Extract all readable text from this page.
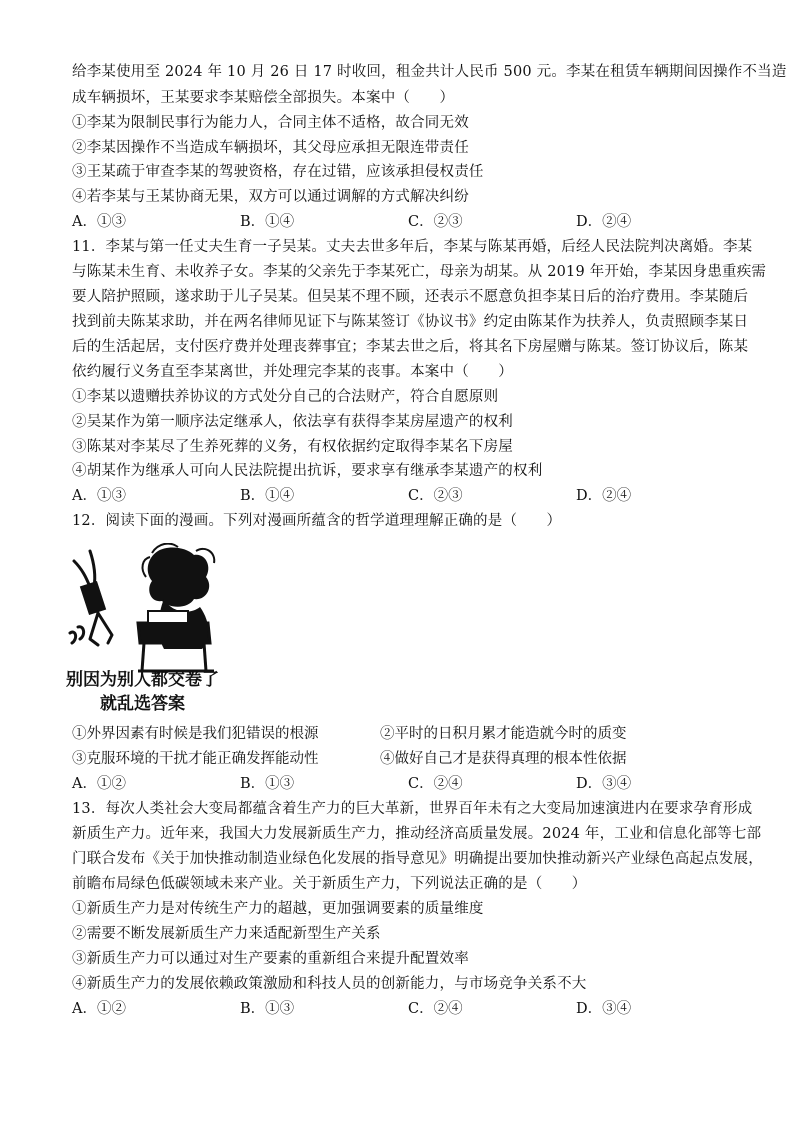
给李某使用至 2024 年 10 月 26 日 17 时收回，租金共计人民币 500 元。李某在租赁车辆期间因操作不当造
成车辆损坏，王某要求李某赔偿全部损失。本案中（　　）
①李某为限制民事行为能力人，合同主体不适格，故合同无效
②李某因操作不当造成车辆损坏，其父母应承担无限连带责任
③王某疏于审查李某的驾驶资格，存在过错，应该承担侵权责任
④若李某与王某协商无果，双方可以通过调解的方式解决纠纷
A．①③	B．①④	C．②③	D．②④
11．李某与第一任丈夫生育一子吴某。丈夫去世多年后，李某与陈某再婚，后经人民法院判决离婚。李某
与陈某未生育、未收养子女。李某的父亲先于李某死亡，母亲为胡某。从 2019 年开始，李某因身患重疾需
要人陪护照顾，遂求助于儿子吴某。但吴某不理不顾，还表示不愿意负担李某日后的治疗费用。李某随后
找到前夫陈某求助，并在两名律师见证下与陈某签订《协议书》约定由陈某作为扶养人，负责照顾李某日
后的生活起居，支付医疗费并处理丧葬事宜；李某去世之后，将其名下房屋赠与陈某。签订协议后，陈某
依约履行义务直至李某离世，并处理完李某的丧事。本案中（　　）
①李某以遗赠扶养协议的方式处分自己的合法财产，符合自愿原则
②吴某作为第一顺序法定继承人，依法享有获得李某房屋遗产的权利
③陈某对李某尽了生养死葬的义务，有权依据约定取得李某名下房屋
④胡某作为继承人可向人民法院提出抗诉，要求享有继承李某遗产的权利
A．①③	B．①④	C．②③	D．②④
12．阅读下面的漫画。下列对漫画所蕴含的哲学道理理解正确的是（　　）
别因为别人都交卷了
就乱选答案
①外界因素有时候是我们犯错误的根源	②平时的日积月累才能造就今时的质变
③克服环境的干扰才能正确发挥能动性	④做好自己才是获得真理的根本性依据
A．①②	B．①③	C．②④	D．③④
13．每次人类社会大变局都蕴含着生产力的巨大革新，世界百年未有之大变局加速演进内在要求孕育形成
新质生产力。近年来，我国大力发展新质生产力，推动经济高质量发展。2024 年，工业和信息化部等七部
门联合发布《关于加快推动制造业绿色化发展的指导意见》明确提出要加快推动新兴产业绿色高起点发展，
前瞻布局绿色低碳领域未来产业。关于新质生产力，下列说法正确的是（　　）
①新质生产力是对传统生产力的超越，更加强调要素的质量维度
②需要不断发展新质生产力来适配新型生产关系
③新质生产力可以通过对生产要素的重新组合来提升配置效率
④新质生产力的发展依赖政策激励和科技人员的创新能力，与市场竞争关系不大
A．①②	B．①③	C．②④	D．③④
